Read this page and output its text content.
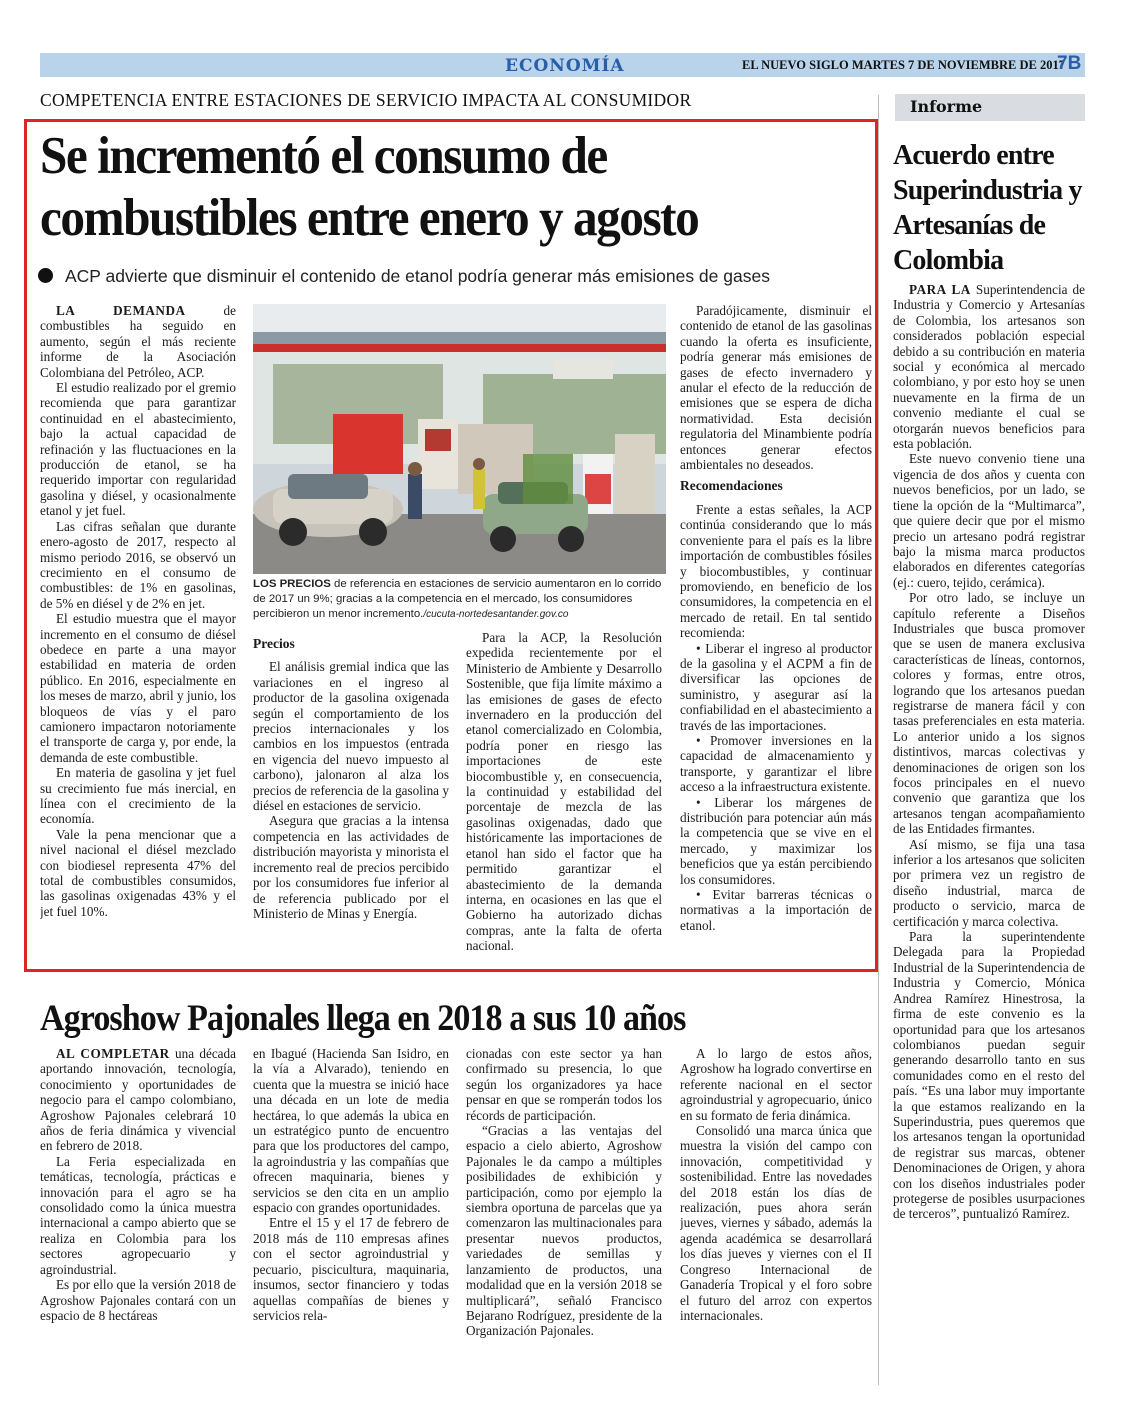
ECONOMÍA	EL NUEVO SIGLO MARTES 7 DE NOVIEMBRE DE 2017
7B
COMPETENCIA ENTRE ESTACIONES DE SERVICIO IMPACTA AL CONSUMIDOR
Se incrementó el consumo de combustibles entre enero y agosto
ACP advierte que disminuir el contenido de etanol podría generar más emisiones de gases

LA DEMANDA de combustibles ha seguido en aumento, según el más reciente informe de la Asociación Colombiana del Petróleo, ACP.

El estudio realizado por el gremio recomienda que para garantizar continuidad en el abastecimiento, bajo la actual capacidad de refinación y las fluctuaciones en la producción de etanol, se ha requerido importar con regularidad gasolina y diésel, y ocasionalmente etanol y jet fuel.

Las cifras señalan que durante enero-agosto de 2017, respecto al mismo periodo 2016, se observó un crecimiento en el consumo de combustibles: de 1% en gasolinas, de 5% en diésel y de 2% en jet.

El estudio muestra que el mayor incremento en el consumo de diésel obedece en parte a una mayor estabilidad en materia de orden público. En 2016, especialmente en los meses de marzo, abril y junio, los bloqueos de vías y el paro camionero impactaron notoriamente el transporte de carga y, por ende, la demanda de este combustible.

En materia de gasolina y jet fuel su crecimiento fue más inercial, en línea con el crecimiento de la economía.

Vale la pena mencionar que a nivel nacional el diésel mezclado con biodiesel representa 47% del total de combustibles consumidos, las gasolinas oxigenadas 43% y el jet fuel 10%.

LOS PRECIOS de referencia en estaciones de servicio aumentaron en lo corrido de 2017 un 9%; gracias a la competencia en el mercado, los consumidores percibieron un menor incremento./cucuta-nortedesantander.gov.co
Precios

El análisis gremial indica que las variaciones en el ingreso al productor de la gasolina oxigenada según el comportamiento de los precios internacionales y los cambios en los impuestos (entrada en vigencia del nuevo impuesto al carbono), jalonaron al alza los precios de referencia de la gasolina y diésel en estaciones de servicio.

Asegura que gracias a la intensa competencia en las actividades de distribución mayorista y minorista el incremento real de precios percibido por los consumidores fue inferior al de referencia publicado por el Ministerio de Minas y Energía.

Para la ACP, la Resolución expedida recientemente por el Ministerio de Ambiente y Desarrollo Sostenible, que fija límite máximo a las emisiones de gases de efecto invernadero en la producción del etanol comercializado en Colombia, podría poner en riesgo las importaciones de este biocombustible y, en consecuencia, la continuidad y estabilidad del porcentaje de mezcla de las gasolinas oxigenadas, dado que históricamente las importaciones de etanol han sido el factor que ha permitido garantizar el abastecimiento de la demanda interna, en ocasiones en las que el Gobierno ha autorizado dichas compras, ante la falta de oferta nacional.

Paradójicamente, disminuir el contenido de etanol de las gasolinas cuando la oferta es insuficiente, podría generar más emisiones de gases de efecto invernadero y anular el efecto de la reducción de emisiones que se espera de dicha normatividad. Esta decisión regulatoria del Minambiente podría entonces generar efectos ambientales no deseados.

Recomendaciones

Frente a estas señales, la ACP continúa considerando que lo más conveniente para el país es la libre importación de combustibles fósiles y biocombustibles, y continuar promoviendo, en beneficio de los consumidores, la competencia en el mercado de retail. En tal sentido recomienda:

• Liberar el ingreso al productor de la gasolina y el ACPM a fin de diversificar las opciones de suministro, y asegurar así la confiabilidad en el abastecimiento a través de las importaciones.

• Promover inversiones en la capacidad de almacenamiento y transporte, y garantizar el libre acceso a la infraestructura existente.

• Liberar los márgenes de distribución para potenciar aún más la competencia que se vive en el mercado, y maximizar los beneficios que ya están percibiendo los consumidores.

• Evitar barreras técnicas o normativas a la importación de etanol.

Informe
Acuerdo entre Superindustria y Artesanías de Colombia

PARA LA Superintendencia de Industria y Comercio y Artesanías de Colombia, los artesanos son considerados población especial debido a su contribución en materia social y económica al mercado colombiano, y por esto hoy se unen nuevamente en la firma de un convenio mediante el cual se otorgarán nuevos beneficios para esta población.

Este nuevo convenio tiene una vigencia de dos años y cuenta con nuevos beneficios, por un lado, se tiene la opción de la “Multimarca”, que quiere decir que por el mismo precio un artesano podrá registrar bajo la misma marca productos elaborados en diferentes categorías (ej.: cuero, tejido, cerámica).

Por otro lado, se incluye un capítulo referente a Diseños Industriales que busca promover que se usen de manera exclusiva características de líneas, contornos, colores y formas, entre otros, logrando que los artesanos puedan registrarse de manera fácil y con tasas preferenciales en esta materia. Lo anterior unido a los signos distintivos, marcas colectivas y denominaciones de origen son los focos principales en el nuevo convenio que garantiza que los artesanos tengan acompañamiento de las Entidades firmantes.

Así mismo, se fija una tasa inferior a los artesanos que soliciten por primera vez un registro de diseño industrial, marca de producto o servicio, marca de certificación y marca colectiva.

Para la superintendente Delegada para la Propiedad Industrial de la Superintendencia de Industria y Comercio, Mónica Andrea Ramírez Hinestrosa, la firma de este convenio es la oportunidad para que los artesanos colombianos puedan seguir generando desarrollo tanto en sus comunidades como en el resto del país. “Es una labor muy importante la que estamos realizando en la Superindustria, pues queremos que los artesanos tengan la oportunidad de registrar sus marcas, obtener Denominaciones de Origen, y ahora con los diseños industriales poder protegerse de posibles usurpaciones de terceros”, puntualizó Ramírez.

Agroshow Pajonales llega en 2018 a sus 10 años

AL COMPLETAR una década aportando innovación, tecnología, conocimiento y oportunidades de negocio para el campo colombiano, Agroshow Pajonales celebrará 10 años de feria dinámica y vivencial en febrero de 2018.

La Feria especializada en temáticas, tecnología, prácticas e innovación para el agro se ha consolidado como la única muestra internacional a campo abierto que se realiza en Colombia para los sectores agropecuario y agroindustrial.

Es por ello que la versión 2018 de Agroshow Pajonales contará con un espacio de 8 hectáreas

en Ibagué (Hacienda San Isidro, en la vía a Alvarado), teniendo en cuenta que la muestra se inició hace una década en un lote de media hectárea, lo que además la ubica en un estratégico punto de encuentro para que los productores del campo, la agroindustria y las compañías que ofrecen maquinaria, bienes y servicios se den cita en un amplio espacio con grandes oportunidades.

Entre el 15 y el 17 de febrero de 2018 más de 110 empresas afines con el sector agroindustrial y pecuario, piscicultura, maquinaria, insumos, sector financiero y todas aquellas compañías de bienes y servicios rela-

cionadas con este sector ya han confirmado su presencia, lo que según los organizadores ya hace pensar en que se romperán todos los récords de participación.

“Gracias a las ventajas del espacio a cielo abierto, Agroshow Pajonales le da campo a múltiples posibilidades de exhibición y participación, como por ejemplo la siembra oportuna de parcelas que ya comenzaron las multinacionales para presentar nuevos productos, variedades de semillas y lanzamiento de productos, una modalidad que en la versión 2018 se multiplicará”, señaló Francisco Bejarano Rodríguez, presidente de la Organización Pajonales.

A lo largo de estos años, Agroshow ha logrado convertirse en referente nacional en el sector agroindustrial y agropecuario, único en su formato de feria dinámica.

Consolidó una marca única que muestra la visión del campo con innovación, competitividad y sostenibilidad. Entre las novedades del 2018 están los días de realización, pues ahora serán jueves, viernes y sábado, además la agenda académica se desarrollará los días jueves y viernes con el II Congreso Internacional de Ganadería Tropical y el foro sobre el futuro del arroz con expertos internacionales.
